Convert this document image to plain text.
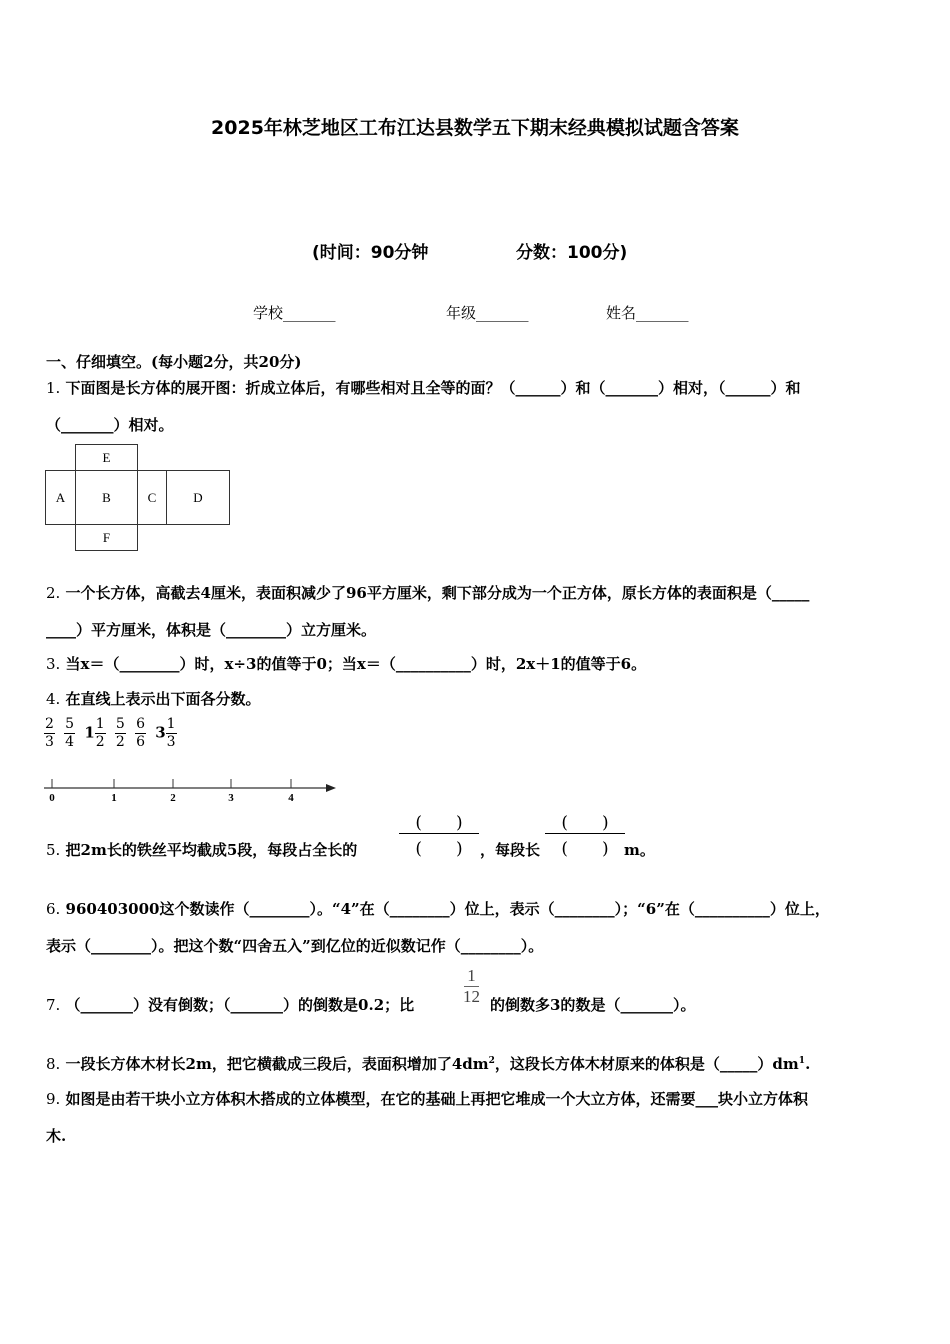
2025年林芝地区工布江达县数学五下期末经典模拟试题含答案
(时间：90分钟	分数：100分)
学校_______	年级_______	姓名_______
一、仔细填空。(每小题2分，共20分)
1. 下面图是长方体的展开图：折成立体后，有哪些相对且全等的面？（______）和（_______）相对，（______）和
（_______）相对。
E
A	B	C	D
F
2. 一个长方体，高截去4厘米，表面积减少了96平方厘米，剩下部分成为一个正方体，原长方体的表面积是（_____
____）平方厘米，体积是（________）立方厘米。
3. 当x＝（________）时，x÷3的值等于0；当x＝（__________）时，2x＋1的值等于6。
4. 在直线上表示出下面各分数。
$\frac{2}{3}$
$\frac{5}{4} 1 \frac{1}{2}$
$\frac{5}{2}$
$\frac{6}{6} 3 \frac{1}{3}$
0	1	2	3	4
5. 把2m长的铁丝平均截成5段，每段占全长的
(　　)
(　　) ，每段长
(　　)
(　　) m。
6. 960403000这个数读作（________）。“4”在（________）位上，表示（________）；“6”在（__________）位上，
表示（________）。把这个数“四舍五入”到亿位的近似数记作（________）。
7. （_______）没有倒数；（_______）的倒数是0.2；比
1
12 的倒数多3的数是（_______）。
8. 一段长方体木材长2m，把它横截成三段后，表面积增加了$4dm^2$，这段长方体木材原来的体积是$(\_\_\_\_\_)dm^1$.
9. 如图是由若干块小立方体积木搭成的立体模型，在它的基础上再把它堆成一个大立方体，还需要___块小立方体积
木.
